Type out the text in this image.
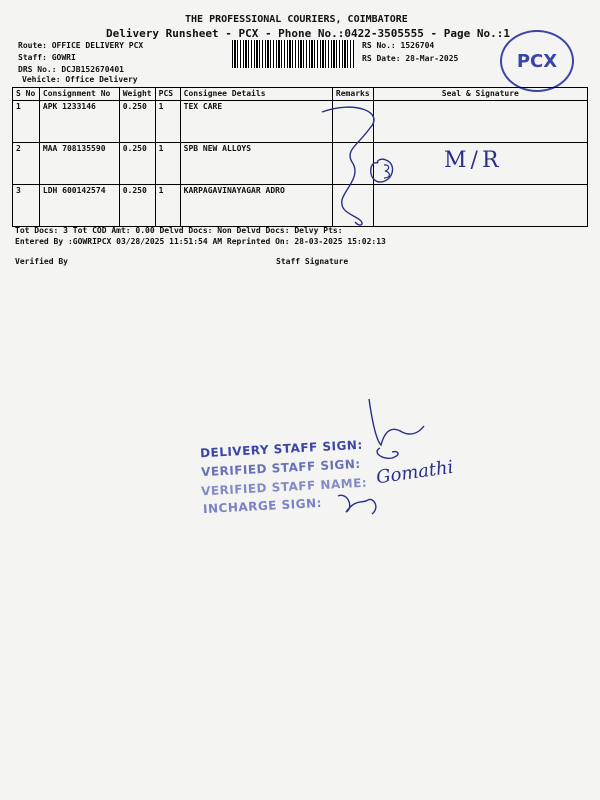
THE PROFESSIONAL COURIERS, COIMBATORE
Delivery Runsheet - PCX - Phone No.:0422-3505555 - Page No.:1
Route: OFFICE DELIVERY PCX
Staff: GOWRI
DRS No.: DCJB152670401
Vehicle: Office Delivery
RS No.: 1526704
RS Date: 28-Mar-2025	PCX
S No	Consignment No	Weight	PCS	Consignee Details	Remarks	Seal & Signature
1	APK 1233146	0.250	1	TEX CARE		
2	MAA 708135590	0.250	1	SPB NEW ALLOYS		
3	LDH 600142574	0.250	1	KARPAGAVINAYAGAR ADRO		
Tot Docs: 3 Tot COD Amt: 0.00 Delvd Docs: Non Delvd Docs: Delvy Pts:
Entered By :GOWRIPCX 03/28/2025 11:51:54 AM Reprinted On: 28-03-2025 15:02:13
Verified By	Staff Signature
M/R
DELIVERY STAFF SIGN:
VERIFIED STAFF SIGN:
VERIFIED STAFF NAME:
INCHARGE SIGN:
Gomathi
